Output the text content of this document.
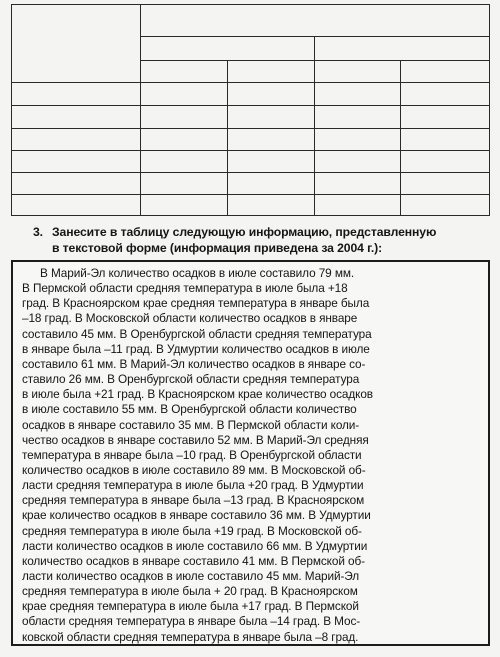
3. Занесите в таблицу следующую информацию, представленную
в текстовой форме (информация приведена за 2004 г.):
В Марий-Эл количество осадков в июле составило 79 мм.
В Пермской области средняя температура в июле была +18
град. В Красноярском крае средняя температура в январе была
–18 град. В Московской области количество осадков в январе
составило 45 мм. В Оренбургской области средняя температура
в январе была –11 град. В Удмуртии количество осадков в июле
составило 61 мм. В Марий-Эл количество осадков в январе со-
ставило 26 мм. В Оренбургской области средняя температура
в июле была +21 град. В Красноярском крае количество осадков
в июле составило 55 мм. В Оренбургской области количество
осадков в январе составило 35 мм. В Пермской области коли-
чество осадков в январе составило 52 мм. В Марий-Эл средняя
температура в январе была –10 град. В Оренбургской области
количество осадков в июле составило 89 мм. В Московской об-
ласти средняя температура в июле была +20 град. В Удмуртии
средняя температура в январе была –13 град. В Красноярском
крае количество осадков в январе составило 36 мм. В Удмуртии
средняя температура в июле была +19 град. В Московской об-
ласти количество осадков в июле составило 66 мм. В Удмуртии
количество осадков в январе составило 41 мм. В Пермской об-
ласти количество осадков в июле составило 45 мм. Марий-Эл
средняя температура в июле была + 20 град. В Красноярском
крае средняя температура в июле была +17 град. В Пермской
области средняя температура в январе была –14 град. В Мос-
ковской области средняя температура в январе была –8 град.
